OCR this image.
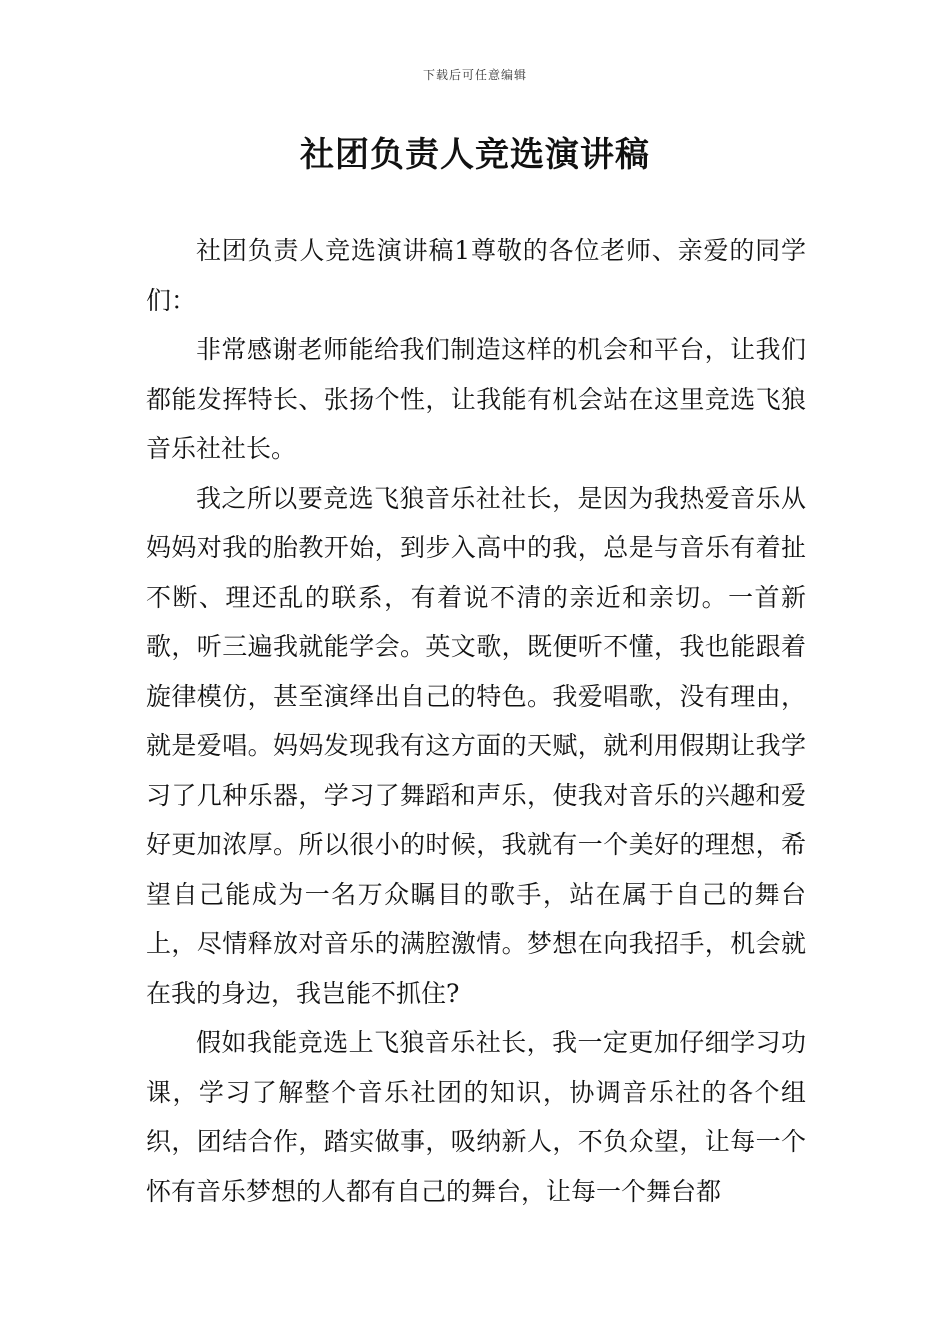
下载后可任意编辑
社团负责人竞选演讲稿

社团负责人竞选演讲稿1尊敬的各位老师、亲爱的同学们：

非常感谢老师能给我们制造这样的机会和平台，让我们都能发挥特长、张扬个性，让我能有机会站在这里竞选飞狼音乐社社长。

我之所以要竞选飞狼音乐社社长，是因为我热爱音乐从妈妈对我的胎教开始，到步入高中的我，总是与音乐有着扯不断、理还乱的联系，有着说不清的亲近和亲切。一首新歌，听三遍我就能学会。英文歌，既便听不懂，我也能跟着旋律模仿，甚至演绎出自己的特色。我爱唱歌，没有理由，就是爱唱。妈妈发现我有这方面的天赋，就利用假期让我学习了几种乐器，学习了舞蹈和声乐，使我对音乐的兴趣和爱好更加浓厚。所以很小的时候，我就有一个美好的理想，希望自己能成为一名万众瞩目的歌手，站在属于自己的舞台上，尽情释放对音乐的满腔激情。梦想在向我招手，机会就在我的身边，我岂能不抓住?

假如我能竞选上飞狼音乐社长，我一定更加仔细学习功课，学习了解整个音乐社团的知识，协调音乐社的各个组织，团结合作，踏实做事，吸纳新人，不负众望，让每一个怀有音乐梦想的人都有自己的舞台，让每一个舞台都
